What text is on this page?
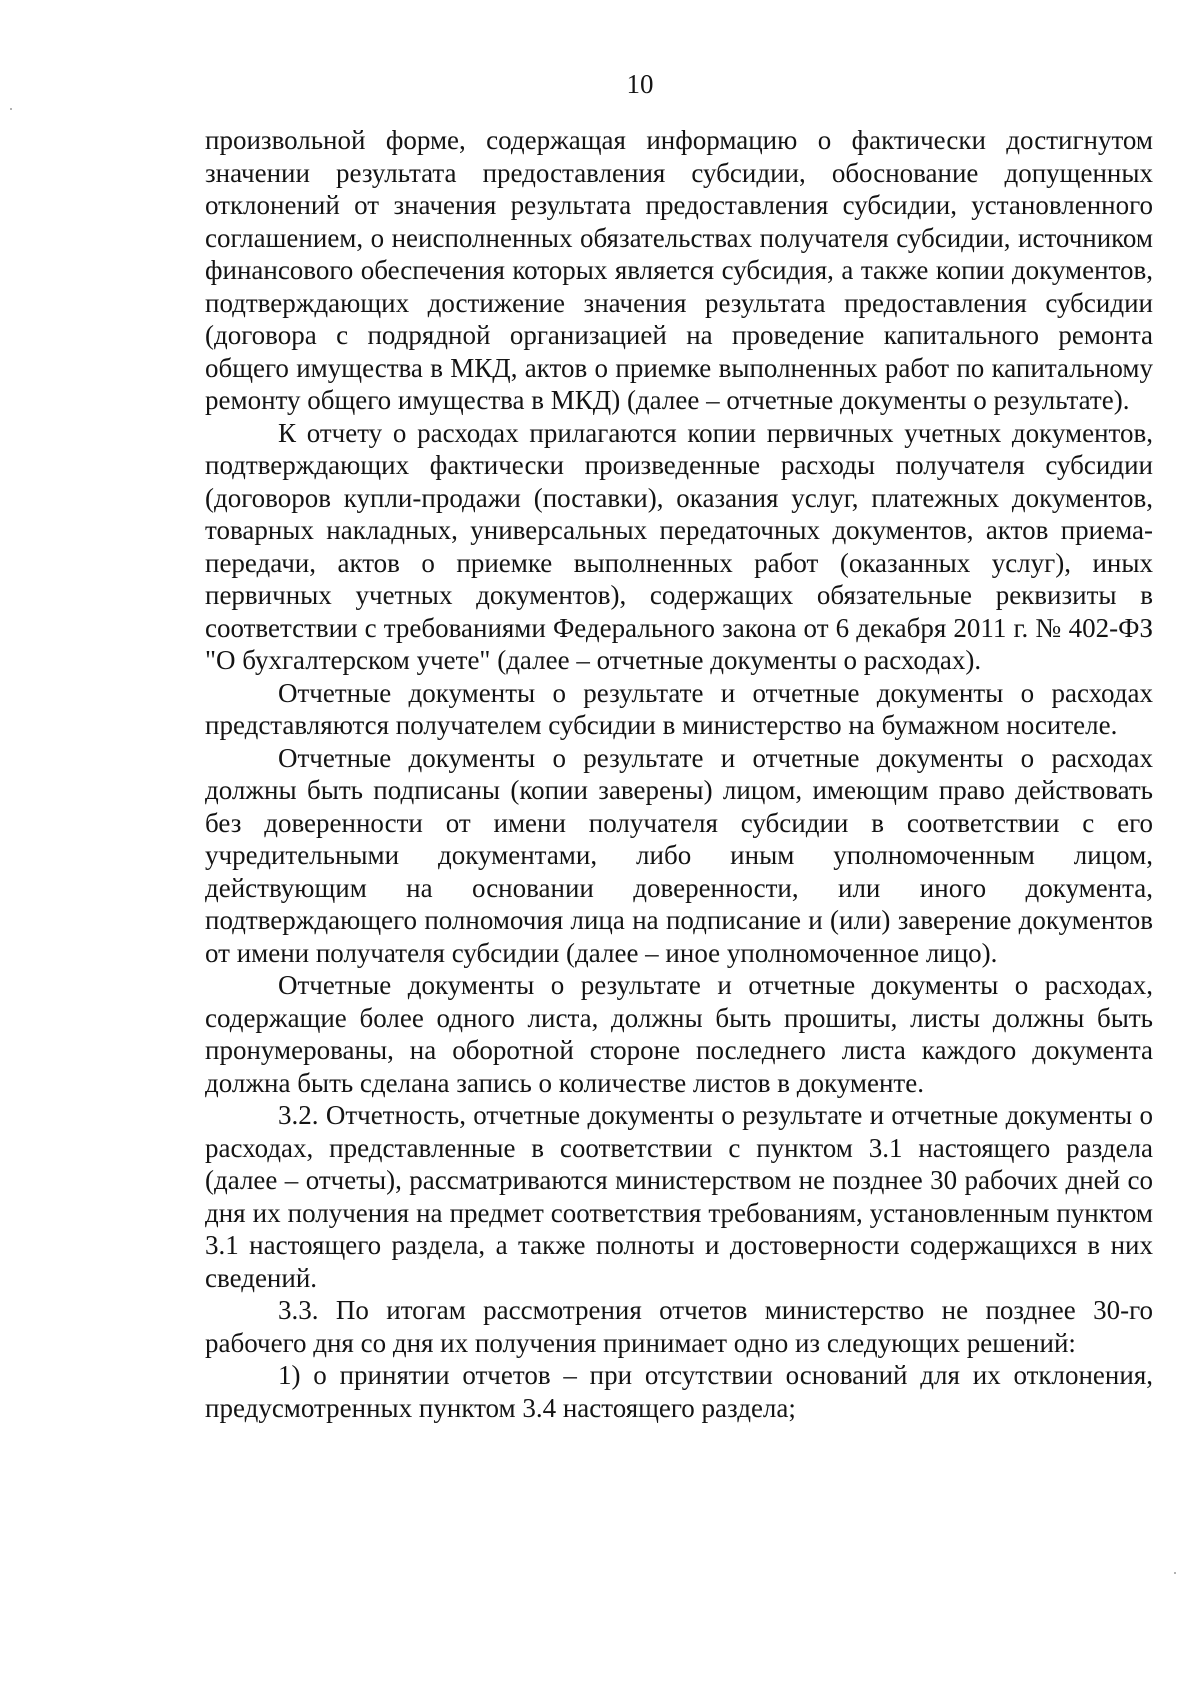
10

произвольной форме, содержащая информацию о фактически достигнутом значении результата предоставления субсидии, обоснование допущенных отклонений от значения результата предоставления субсидии, установленного соглашением, о неисполненных обязательствах получателя субсидии, источником финансового обеспечения которых является субсидия, а также копии документов, подтверждающих достижение значения результата предоставления субсидии (договора с подрядной организацией на проведение капитального ремонта общего имущества в МКД, актов о приемке выполненных работ по капитальному ремонту общего имущества в МКД) (далее – отчетные документы о результате).

К отчету о расходах прилагаются копии первичных учетных документов, подтверждающих фактически произведенные расходы получателя субсидии (договоров купли-продажи (поставки), оказания услуг, платежных документов, товарных накладных, универсальных передаточных документов, актов приема-передачи, актов о приемке выполненных работ (оказанных услуг), иных первичных учетных документов), содержащих обязательные реквизиты в соответствии с требованиями Федерального закона от 6 декабря 2011 г. № 402-ФЗ "О бухгалтерском учете" (далее – отчетные документы о расходах).

Отчетные документы о результате и отчетные документы о расходах представляются получателем субсидии в министерство на бумажном носителе.

Отчетные документы о результате и отчетные документы о расходах должны быть подписаны (копии заверены) лицом, имеющим право действовать без доверенности от имени получателя субсидии в соответствии с его учредительными документами, либо иным уполномоченным лицом, действующим на основании доверенности, или иного документа, подтверждающего полномочия лица на подписание и (или) заверение документов от имени получателя субсидии (далее – иное уполномоченное лицо).

Отчетные документы о результате и отчетные документы о расходах, содержащие более одного листа, должны быть прошиты, листы должны быть пронумерованы, на оборотной стороне последнего листа каждого документа должна быть сделана запись о количестве листов в документе.

3.2. Отчетность, отчетные документы о результате и отчетные документы о расходах, представленные в соответствии с пунктом 3.1 настоящего раздела (далее – отчеты), рассматриваются министерством не позднее 30 рабочих дней со дня их получения на предмет соответствия требованиям, установленным пунктом 3.1 настоящего раздела, а также полноты и достоверности содержащихся в них сведений.

3.3. По итогам рассмотрения отчетов министерство не позднее 30-го рабочего дня со дня их получения принимает одно из следующих решений:

1) о принятии отчетов – при отсутствии оснований для их отклонения, предусмотренных пунктом 3.4 настоящего раздела;
